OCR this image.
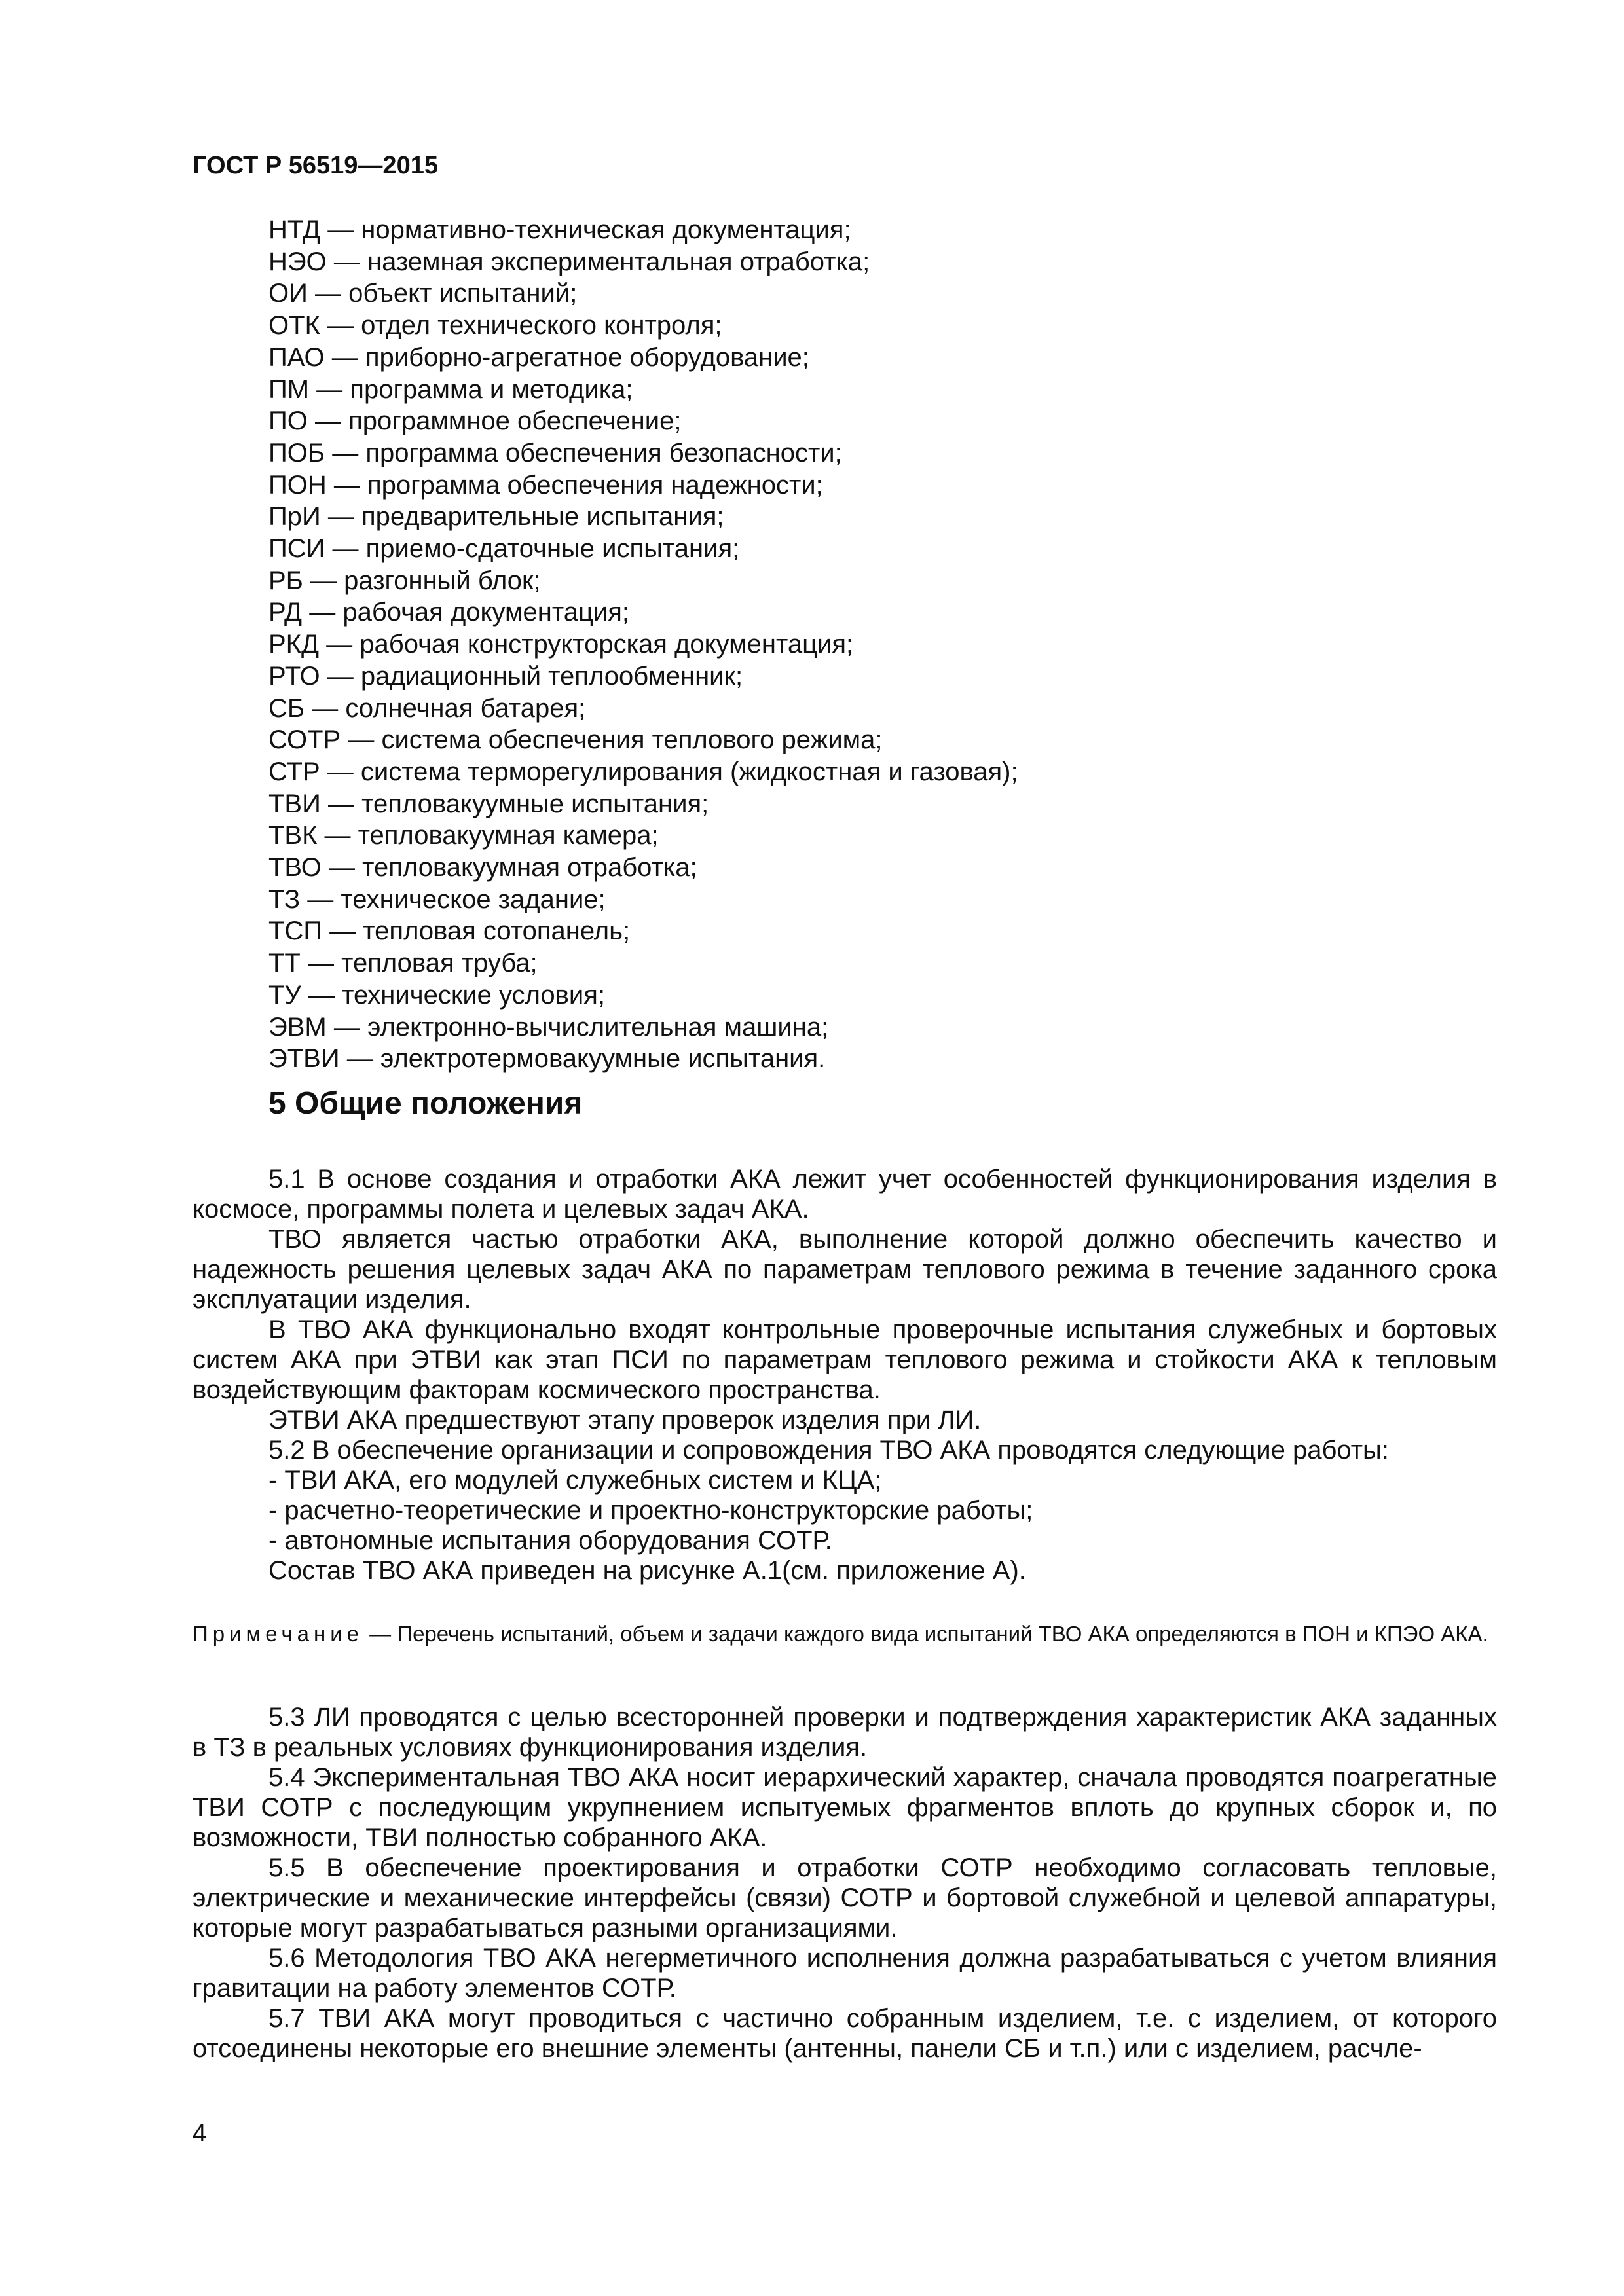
ГОСТ Р 56519—2015
НТД — нормативно-техническая документация;
НЭО — наземная экспериментальная отработка;
ОИ — объект испытаний;
ОТК — отдел технического контроля;
ПАО — приборно-агрегатное оборудование;
ПМ — программа и методика;
ПО — программное обеспечение;
ПОБ — программа обеспечения безопасности;
ПОН — программа обеспечения надежности;
ПрИ — предварительные испытания;
ПСИ — приемо-сдаточные испытания;
РБ — разгонный блок;
РД — рабочая документация;
РКД — рабочая конструкторская документация;
РТО — радиационный теплообменник;
СБ — солнечная батарея;
СОТР — система обеспечения теплового режима;
СТР — система терморегулирования (жидкостная и газовая);
ТВИ — тепловакуумные испытания;
ТВК — тепловакуумная камера;
ТВО — тепловакуумная отработка;
ТЗ — техническое задание;
ТСП — тепловая сотопанель;
ТТ — тепловая труба;
ТУ — технические условия;
ЭВМ — электронно-вычислительная машина;
ЭТВИ — электротермовакуумные испытания.
5 Общие положения

5.1 В основе создания и отработки АКА лежит учет особенностей функционирования изделия в космосе, программы полета и целевых задач АКА.

ТВО является частью отработки АКА, выполнение которой должно обеспечить качество и надежность решения целевых задач АКА по параметрам теплового режима в течение заданного срока эксплуатации изделия.

В ТВО АКА функционально входят контрольные проверочные испытания служебных и бортовых систем АКА при ЭТВИ как этап ПСИ по параметрам теплового режима и стойкости АКА к тепловым воздействующим факторам космического пространства.

ЭТВИ АКА предшествуют этапу проверок изделия при ЛИ.

5.2 В обеспечение организации и сопровождения ТВО АКА проводятся следующие работы:

- ТВИ АКА, его модулей служебных систем и КЦА;

- расчетно-теоретические и проектно-конструкторские работы;

- автономные испытания оборудования СОТР.

Состав ТВО АКА приведен на рисунке А.1(см. приложение А).

Примечание — Перечень испытаний, объем и задачи каждого вида испытаний ТВО АКА определяются в ПОН и КПЭО АКА.

5.3 ЛИ проводятся с целью всесторонней проверки и подтверждения характеристик АКА заданных в ТЗ в реальных условиях функционирования изделия.

5.4 Экспериментальная ТВО АКА носит иерархический характер, сначала проводятся поагрегатные ТВИ СОТР с последующим укрупнением испытуемых фрагментов вплоть до крупных сборок и, по возможности, ТВИ полностью собранного АКА.

5.5 В обеспечение проектирования и отработки СОТР необходимо согласовать тепловые, электрические и механические интерфейсы (связи) СОТР и бортовой служебной и целевой аппаратуры, которые могут разрабатываться разными организациями.

5.6 Методология ТВО АКА негерметичного исполнения должна разрабатываться с учетом влияния гравитации на работу элементов СОТР.

5.7 ТВИ АКА могут проводиться с частично собранным изделием, т.е. с изделием, от которого отсоединены некоторые его внешние элементы (антенны, панели СБ и т.п.) или с изделием, расчле-

4
